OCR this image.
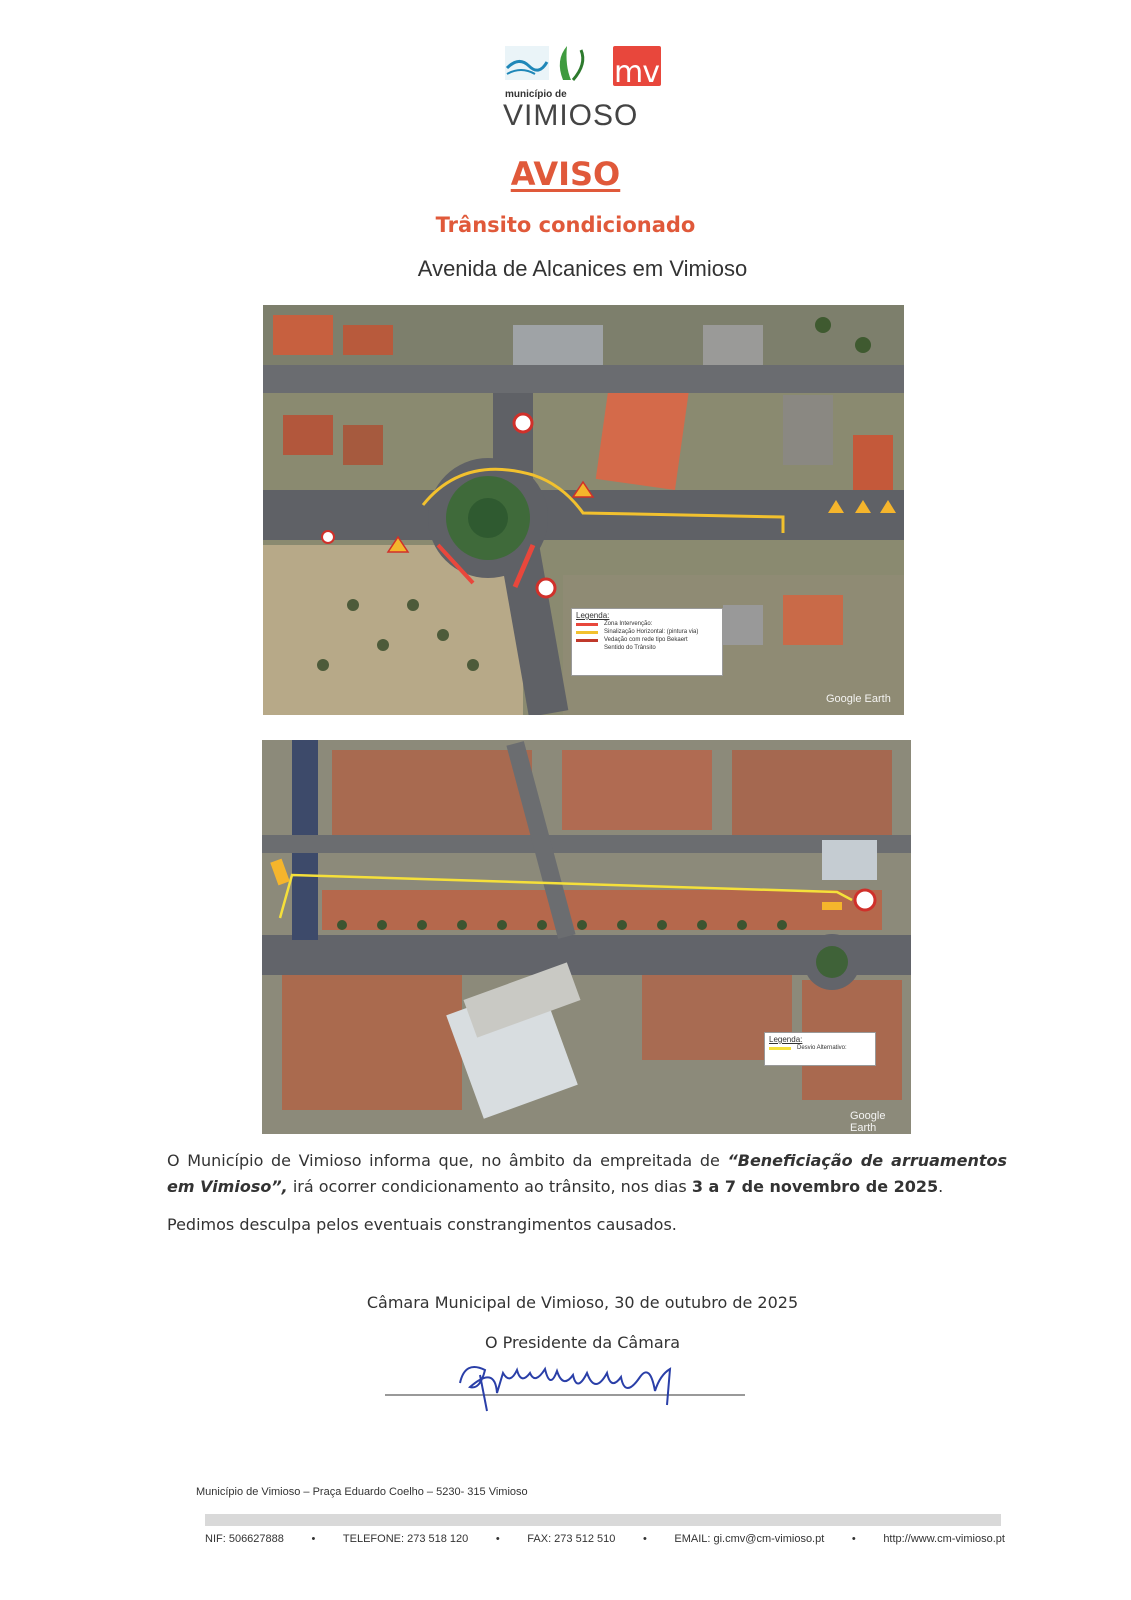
mv
município de
VIMIOSO
AVISO
Trânsito condicionado
Avenida de Alcanices em Vimioso
Legenda:
Zona Intervenção:
Sinalização Horizontal: (pintura via)
Vedação com rede tipo Bekaert
Sentido do Trânsito
Google Earth
Legenda:
Desvio Alternativo:
Google Earth

O Município de Vimioso informa que, no âmbito da empreitada de “Beneficiação de arruamentos em Vimioso”, irá ocorrer condicionamento ao trânsito, nos dias 3 a 7 de novembro de 2025.

Pedimos desculpa pelos eventuais constrangimentos causados.

Câmara Municipal de Vimioso, 30 de outubro de 2025
O Presidente da Câmara
Município de Vimioso – Praça Eduardo Coelho – 5230- 315 Vimioso
NIF: 506627888	•	TELEFONE: 273 518 120	•	FAX: 273 512 510	•	EMAIL: gi.cmv@cm-vimioso.pt	•	http://www.cm-vimioso.pt
